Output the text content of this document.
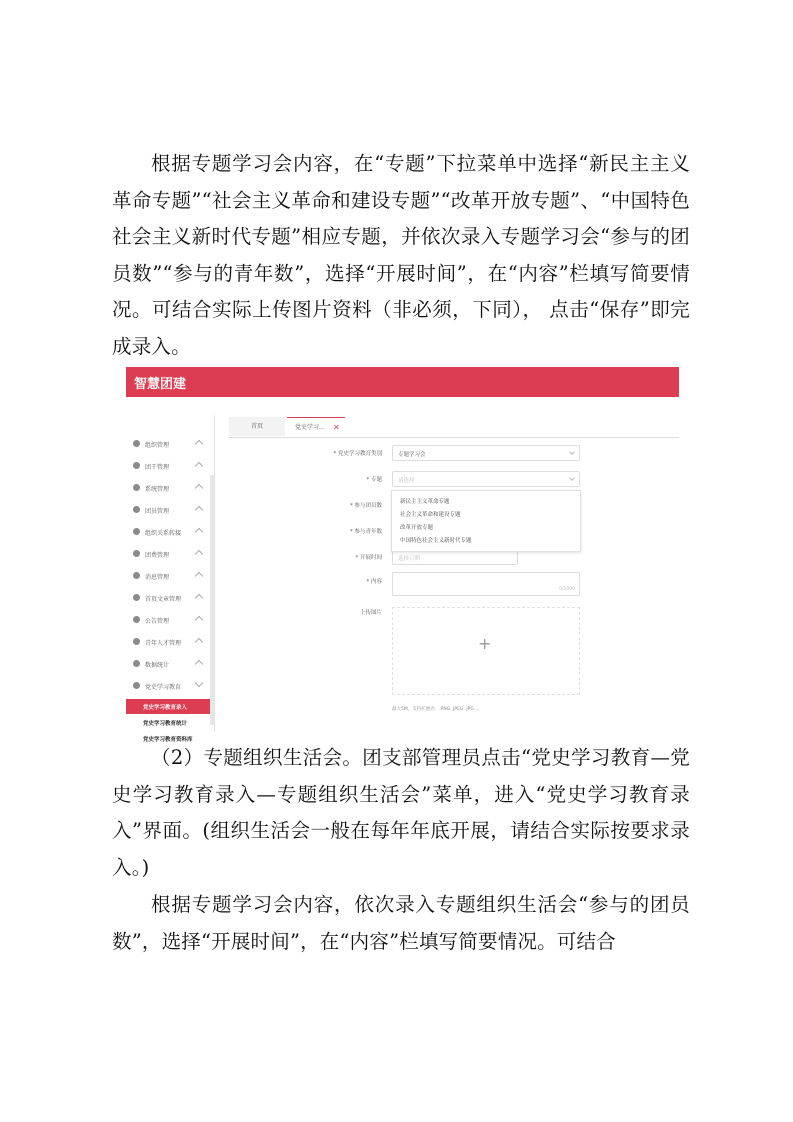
根据专题学习会内容，在“专题”下拉菜单中选择“新民主主义革命专题”“社会主义革命和建设专题”“改革开放专题”、“中国特色社会主义新时代专题”相应专题，并依次录入专题学习会“参与的团员数”“参与的青年数”，选择“开展时间”，在“内容”栏填写简要情况。可结合实际上传图片资料（非必须，下同）， 点击“保存”即完成录入。

智慧团建
组织管理
团干管理
系统管理
团员管理
组织关系转接
团费管理
消息管理
首页文章管理
公告管理
青年人才管理
数据统计
党史学习教育
党史学习教育录入
党史学习教育统计
党史学习教育资料库
首页	党史学习... ✕
* 党史学习教育类别	专题学习会
* 专题	请选择
* 参与团员数
* 参与青年数
* 开展时间	选择日期
新民主主义革命专题
社会主义革命和建设专题
改革开放专题
中国特色社会主义新时代专题
* 内容
0/1000
上传图片
+
最大5M，支持扩展名：.PNG .JPEG .JPG ...

（2）专题组织生活会。团支部管理员点击“党史学习教育—党史学习教育录入—专题组织生活会”菜单，进入“党史学习教育录入”界面。(组织生活会一般在每年年底开展，请结合实际按要求录入。)

根据专题学习会内容，依次录入专题组织生活会“参与的团员数”，选择“开展时间”，在“内容”栏填写简要情况。可结合
